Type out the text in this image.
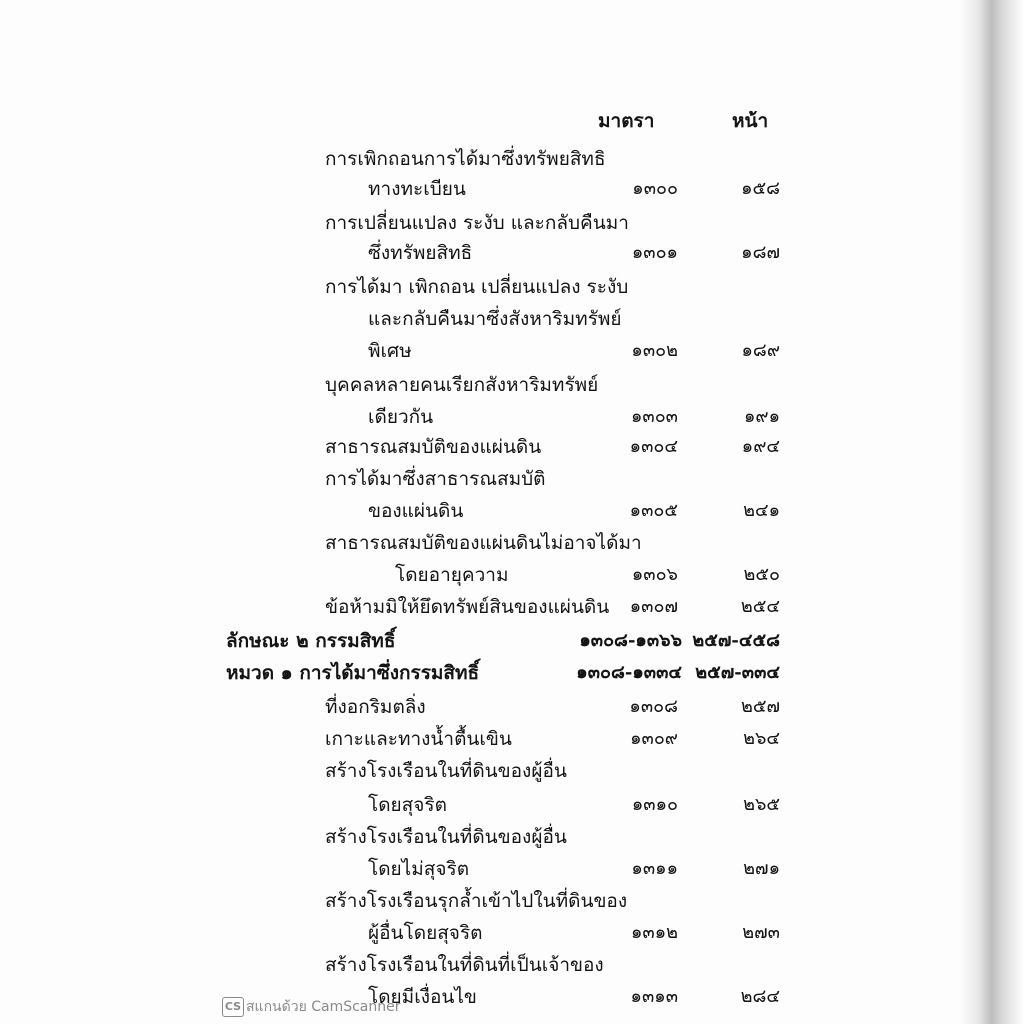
มาตรา	หน้า
การเพิกถอนการได้มาซึ่งทรัพยสิทธิ
ทางทะเบียน	๑๓๐๐	๑๕๘
การเปลี่ยนแปลง ระงับ และกลับคืนมา
ซึ่งทรัพยสิทธิ	๑๓๐๑	๑๘๗
การได้มา เพิกถอน เปลี่ยนแปลง ระงับ
และกลับคืนมาซึ่งสังหาริมทรัพย์
พิเศษ	๑๓๐๒	๑๘๙
บุคคลหลายคนเรียกสังหาริมทรัพย์
เดียวกัน	๑๓๐๓	๑๙๑
สาธารณสมบัติของแผ่นดิน	๑๓๐๔	๑๙๔
การได้มาซึ่งสาธารณสมบัติ
ของแผ่นดิน	๑๓๐๕	๒๔๑
สาธารณสมบัติของแผ่นดินไม่อาจได้มา
โดยอายุความ	๑๓๐๖	๒๕๐
ข้อห้ามมิให้ยึดทรัพย์สินของแผ่นดิน	๑๓๐๗	๒๕๔
ลักษณะ ๒ กรรมสิทธิ์	๑๓๐๘-๑๓๖๖ ๒๕๗-๔๕๘
หมวด ๑ การได้มาซึ่งกรรมสิทธิ์	๑๓๐๘-๑๓๓๔ ๒๕๗-๓๓๔
ที่งอกริมตลิ่ง	๑๓๐๘	๒๕๗
เกาะและทางน้ำตื้นเขิน	๑๓๐๙	๒๖๔
สร้างโรงเรือนในที่ดินของผู้อื่น
โดยสุจริต	๑๓๑๐	๒๖๕
สร้างโรงเรือนในที่ดินของผู้อื่น
โดยไม่สุจริต	๑๓๑๑	๒๗๑
สร้างโรงเรือนรุกล้ำเข้าไปในที่ดินของ
ผู้อื่นโดยสุจริต	๑๓๑๒	๒๗๓
สร้างโรงเรือนในที่ดินที่เป็นเจ้าของ
โดยมีเงื่อนไข	๑๓๑๓	๒๘๔
CS สแกนด้วย CamScanner
